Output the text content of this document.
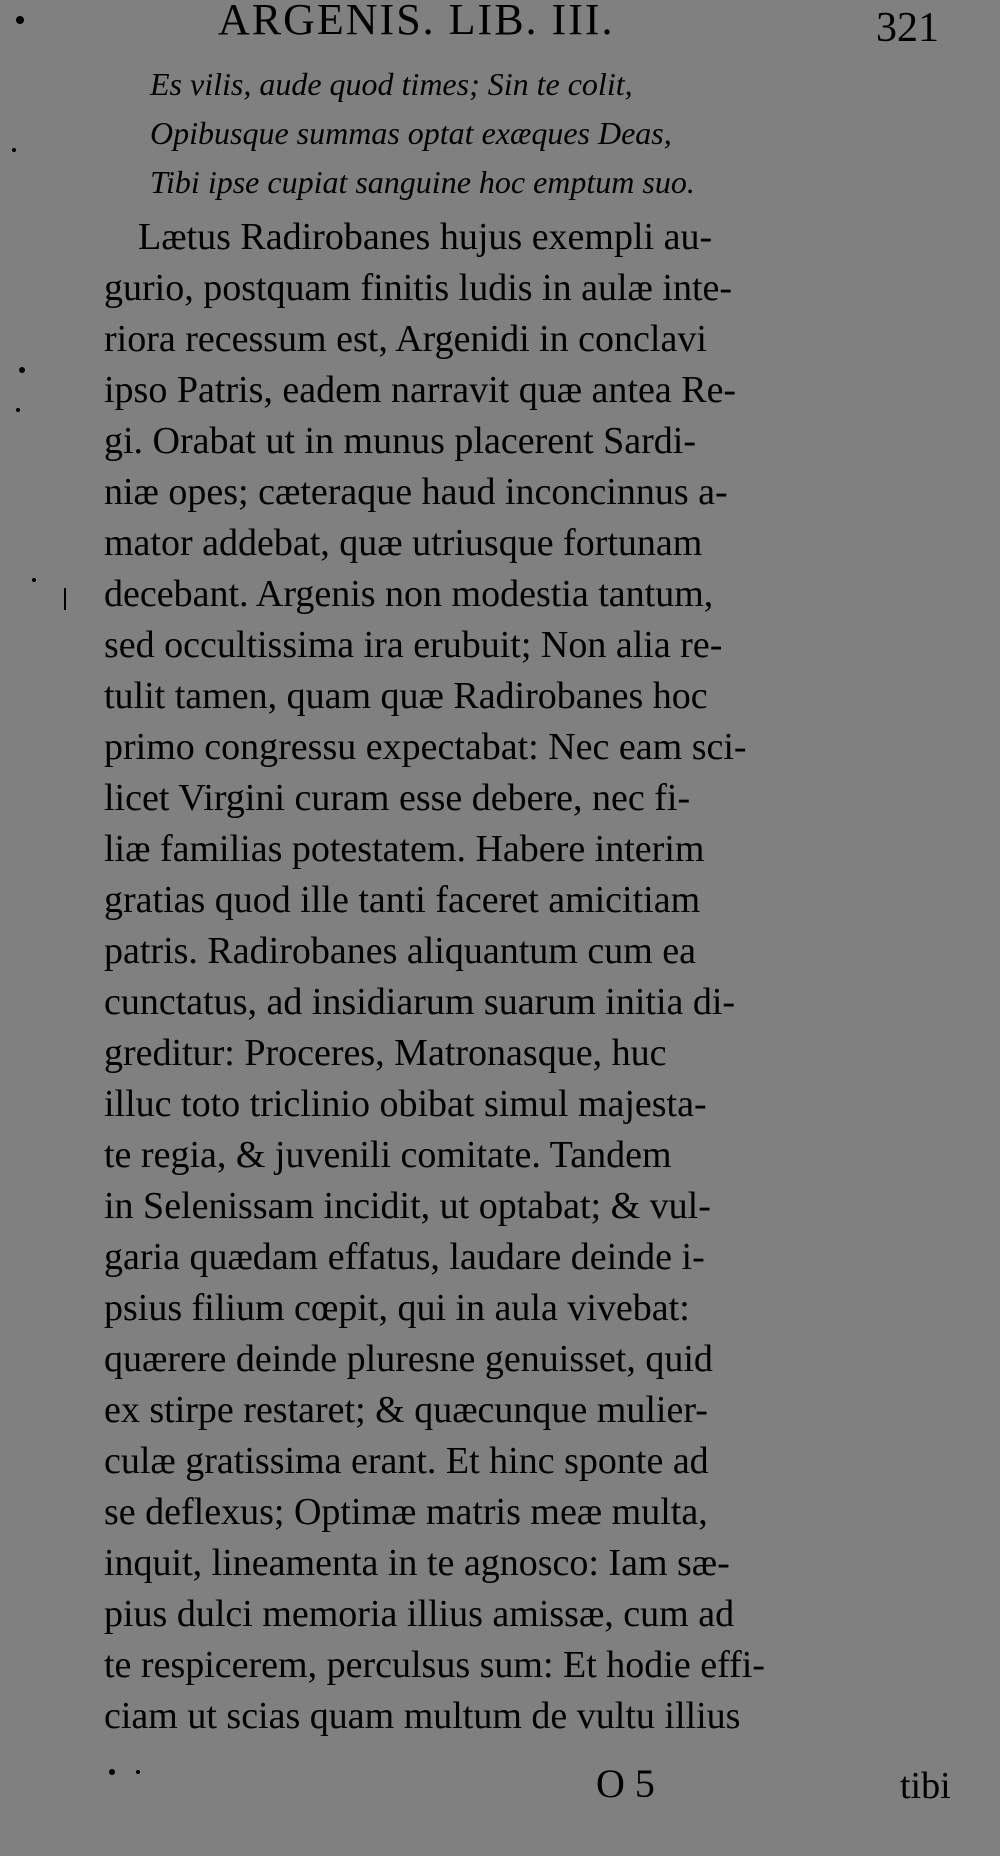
ARGENIS. LIB. III.	321
Es vilis, aude quod times; Sin te colit,
Opibusque summas optat exæques Deas,
Tibi ipse cupiat sanguine hoc emptum suo.
Lætus Radirobanes hujus exempli au-
gurio, postquam finitis ludis in aulæ inte-
riora recessum est, Argenidi in conclavi
ipso Patris, eadem narravit quæ antea Re-
gi. Orabat ut in munus placerent Sardi-
niæ opes; cæteraque haud inconcinnus a-
mator addebat, quæ utriusque fortunam
decebant. Argenis non modestia tantum,
sed occultissima ira erubuit; Non alia re-
tulit tamen, quam quæ Radirobanes hoc
primo congressu expectabat: Nec eam sci-
licet Virgini curam esse debere, nec fi-
liæ familias potestatem. Habere interim
gratias quod ille tanti faceret amicitiam
patris. Radirobanes aliquantum cum ea
cunctatus, ad insidiarum suarum initia di-
greditur: Proceres, Matronasque, huc
illuc toto triclinio obibat simul majesta-
te regia, & juvenili comitate. Tandem
in Selenissam incidit, ut optabat; & vul-
garia quædam effatus, laudare deinde i-
psius filium cœpit, qui in aula vivebat:
quærere deinde pluresne genuisset, quid
ex stirpe restaret; & quæcunque mulier-
culæ gratissima erant. Et hinc sponte ad
se deflexus; Optimæ matris meæ multa,
inquit, lineamenta in te agnosco: Iam sæ-
pius dulci memoria illius amissæ, cum ad
te respicerem, perculsus sum: Et hodie effi-
ciam ut scias quam multum de vultu illius
O 5	tibi
